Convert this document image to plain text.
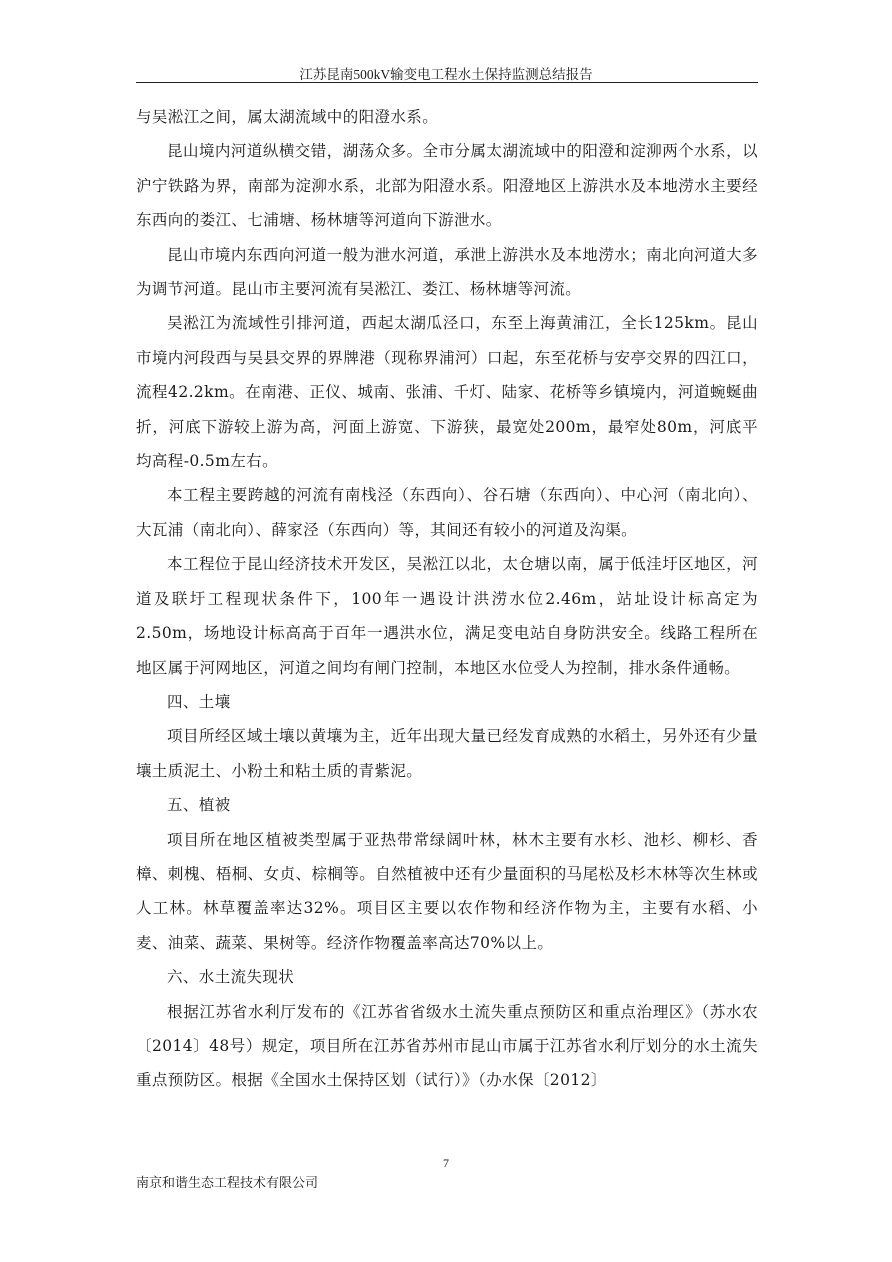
江苏昆南500kV输变电工程水土保持监测总结报告

与吴淞江之间，属太湖流域中的阳澄水系。

昆山境内河道纵横交错，湖荡众多。全市分属太湖流域中的阳澄和淀泖两个水系，以沪宁铁路为界，南部为淀泖水系，北部为阳澄水系。阳澄地区上游洪水及本地涝水主要经东西向的娄江、七浦塘、杨林塘等河道向下游泄水。

昆山市境内东西向河道一般为泄水河道，承泄上游洪水及本地涝水；南北向河道大多为调节河道。昆山市主要河流有吴淞江、娄江、杨林塘等河流。

吴淞江为流域性引排河道，西起太湖瓜泾口，东至上海黄浦江，全长125km。昆山市境内河段西与吴县交界的界牌港（现称界浦河）口起，东至花桥与安亭交界的四江口，流程42.2km。在南港、正仪、城南、张浦、千灯、陆家、花桥等乡镇境内，河道蜿蜒曲折，河底下游较上游为高，河面上游宽、下游狭，最宽处200m，最窄处80m，河底平均高程-0.5m左右。

本工程主要跨越的河流有南栈泾（东西向）、谷石塘（东西向）、中心河（南北向）、大瓦浦（南北向）、薛家泾（东西向）等，其间还有较小的河道及沟渠。

本工程位于昆山经济技术开发区，吴淞江以北，太仓塘以南，属于低洼圩区地区，河道及联圩工程现状条件下，100年一遇设计洪涝水位2.46m，站址设计标高定为2.50m，场地设计标高高于百年一遇洪水位，满足变电站自身防洪安全。线路工程所在地区属于河网地区，河道之间均有闸门控制，本地区水位受人为控制，排水条件通畅。

四、土壤

项目所经区域土壤以黄壤为主，近年出现大量已经发育成熟的水稻土，另外还有少量壤土质泥土、小粉土和粘土质的青紫泥。

五、植被

项目所在地区植被类型属于亚热带常绿阔叶林，林木主要有水杉、池杉、柳杉、香樟、刺槐、梧桐、女贞、棕榈等。自然植被中还有少量面积的马尾松及杉木林等次生林或人工林。林草覆盖率达32%。项目区主要以农作物和经济作物为主，主要有水稻、小麦、油菜、蔬菜、果树等。经济作物覆盖率高达70%以上。

六、水土流失现状

根据江苏省水利厅发布的《江苏省省级水土流失重点预防区和重点治理区》（苏水农〔2014〕48号）规定，项目所在江苏省苏州市昆山市属于江苏省水利厅划分的水土流失重点预防区。根据《全国水土保持区划（试行）》（办水保〔2012〕

7
南京和谐生态工程技术有限公司
